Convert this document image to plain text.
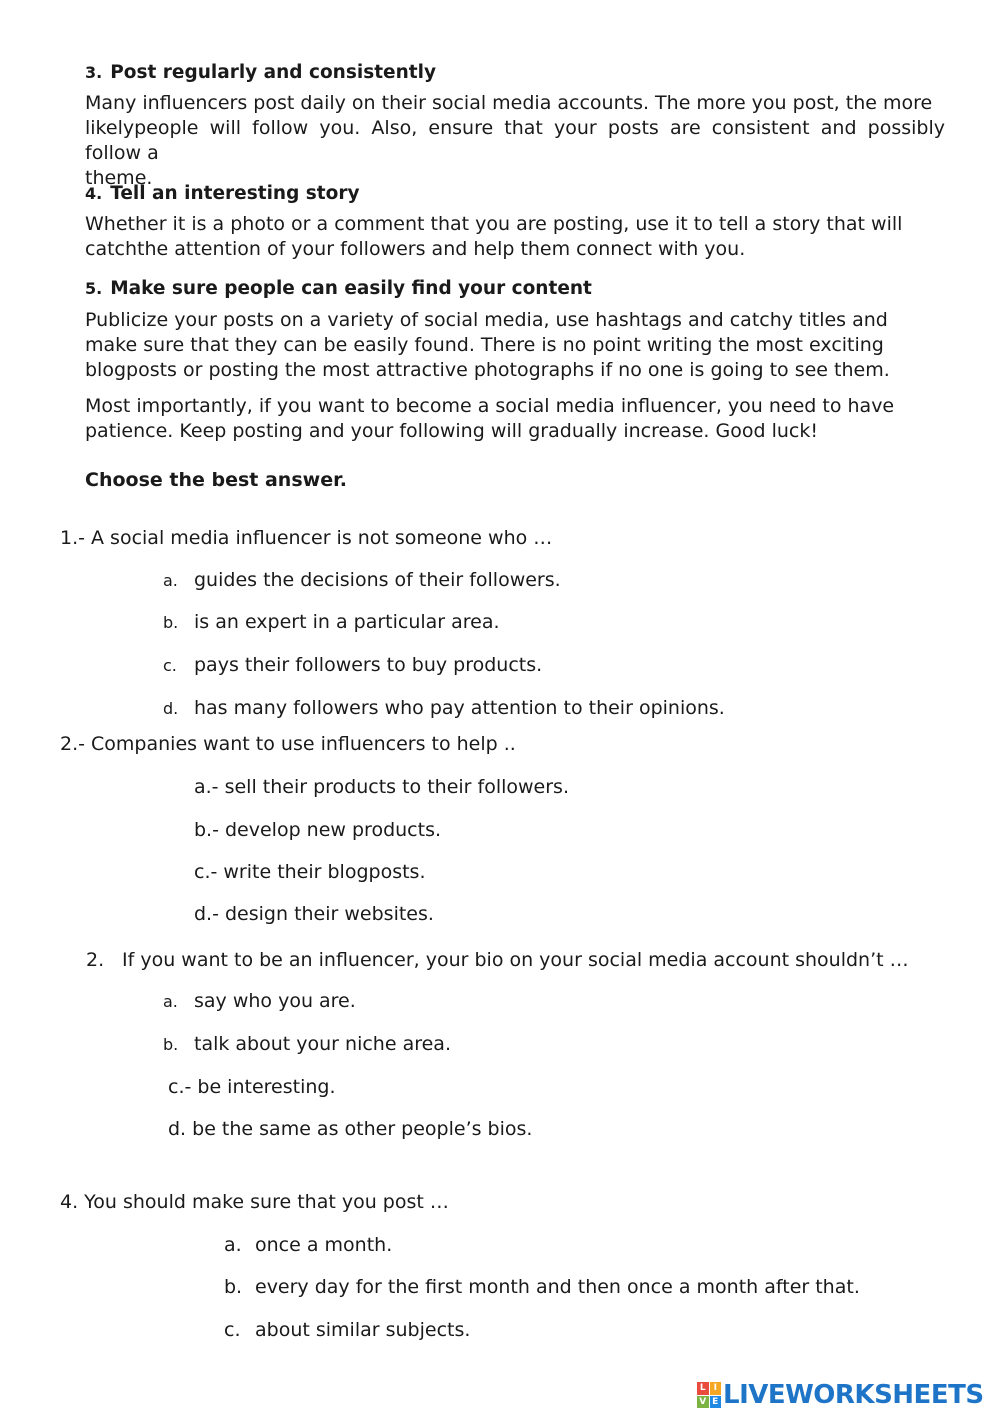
3. Post regularly and consistently
Many influencers post daily on their social media accounts. The more you post, the more
likelypeople will follow you. Also, ensure that your posts are consistent and possibly follow a
theme.
4. Tell an interesting story
Whether it is a photo or a comment that you are posting, use it to tell a story that will
catchthe attention of your followers and help them connect with you.
5. Make sure people can easily find your content
Publicize your posts on a variety of social media, use hashtags and catchy titles and
make sure that they can be easily found. There is no point writing the most exciting
blogposts or posting the most attractive photographs if no one is going to see them.
Most importantly, if you want to become a social media influencer, you need to have
patience. Keep posting and your following will gradually increase. Good luck!
Choose the best answer.
1.- A social media influencer is not someone who …
a. guides the decisions of their followers.
b. is an expert in a particular area.
c. pays their followers to buy products.
d. has many followers who pay attention to their opinions.
2.- Companies want to use influencers to help ..
a.- sell their products to their followers.
b.- develop new products.
c.- write their blogposts.
d.- design their websites.
2. If you want to be an influencer, your bio on your social media account shouldn’t …
a. say who you are.
b. talk about your niche area.
c.- be interesting.
d. be the same as other people’s bios.
4. You should make sure that you post …
a. once a month.
b. every day for the first month and then once a month after that.
c. about similar subjects.
L I
V E LIVEWORKSHEETS
